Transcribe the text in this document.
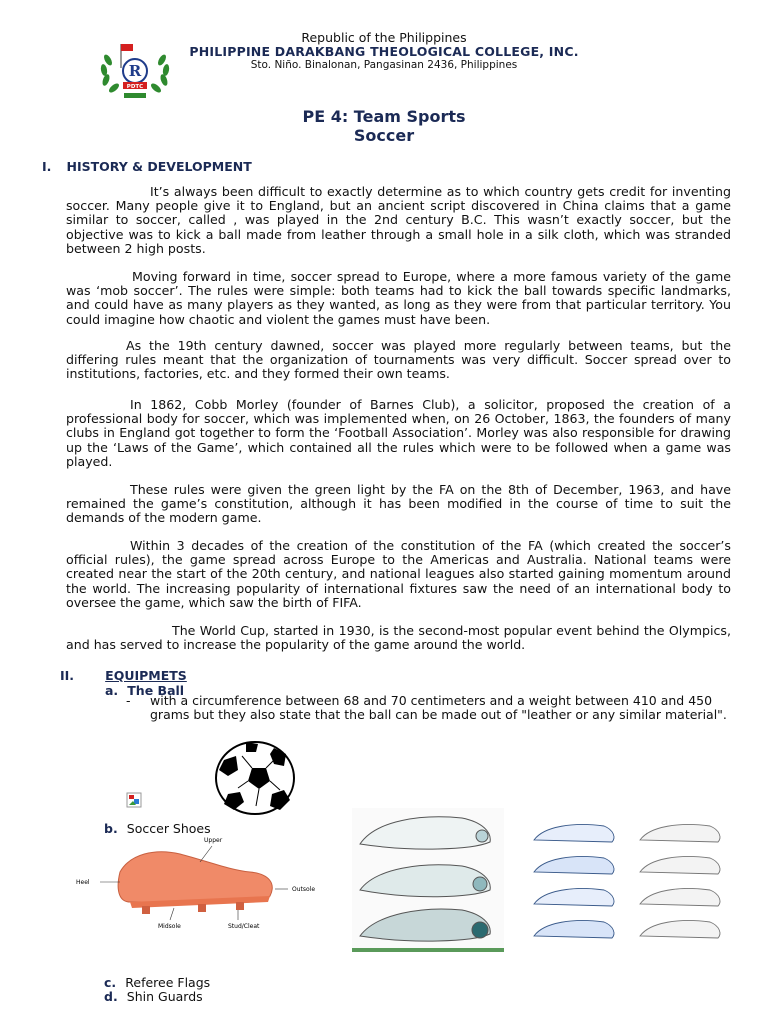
R
PDTC
Republic of the Philippines
PHILIPPINE DARAKBANG THEOLOGICAL COLLEGE, INC.
Sto. Niño. Binalonan, Pangasinan 2436, Philippines
PE 4: Team Sports
Soccer
I. HISTORY & DEVELOPMENT

It’s always been difficult to exactly determine as to which country gets credit for inventing soccer. Many people give it to England, but an ancient script discovered in China claims that a game similar to soccer, called , was played in the 2nd century B.C. This wasn’t exactly soccer, but the objective was to kick a ball made from leather through a small hole in a silk cloth, which was stranded between 2 high posts.

Moving forward in time, soccer spread to Europe, where a more famous variety of the game was ‘mob soccer’. The rules were simple: both teams had to kick the ball towards specific landmarks, and could have as many players as they wanted, as long as they were from that particular territory. You could imagine how chaotic and violent the games must have been.

As the 19th century dawned, soccer was played more regularly between teams, but the differing rules meant that the organization of tournaments was very difficult. Soccer spread over to institutions, factories, etc. and they formed their own teams.

In 1862, Cobb Morley (founder of Barnes Club), a solicitor, proposed the creation of a professional body for soccer, which was implemented when, on 26 October, 1863, the founders of many clubs in England got together to form the ‘Football Association’. Morley was also responsible for drawing up the ‘Laws of the Game’, which contained all the rules which were to be followed when a game was played.

These rules were given the green light by the FA on the 8th of December, 1963, and have remained the game’s constitution, although it has been modified in the course of time to suit the demands of the modern game.

Within 3 decades of the creation of the constitution of the FA (which created the soccer’s official rules), the game spread across Europe to the Americas and Australia. National teams were created near the start of the 20th century, and national leagues also started gaining momentum around the world. The increasing popularity of international fixtures saw the need of an international body to oversee the game, which saw the birth of FIFA.

The World Cup, started in 1930, is the second-most popular event behind the Olympics, and has served to increase the popularity of the game around the world.

II. EQUIPMETS
a. The Ball
- with a circumference between 68 and 70 centimeters and a weight between 410 and 450 grams but they also state that the ball can be made out of "leather or any similar material".
b. Soccer Shoes
Upper
Heel
Outsole
Midsole	Stud/Cleat
c. Referee Flags
d. Shin Guards
